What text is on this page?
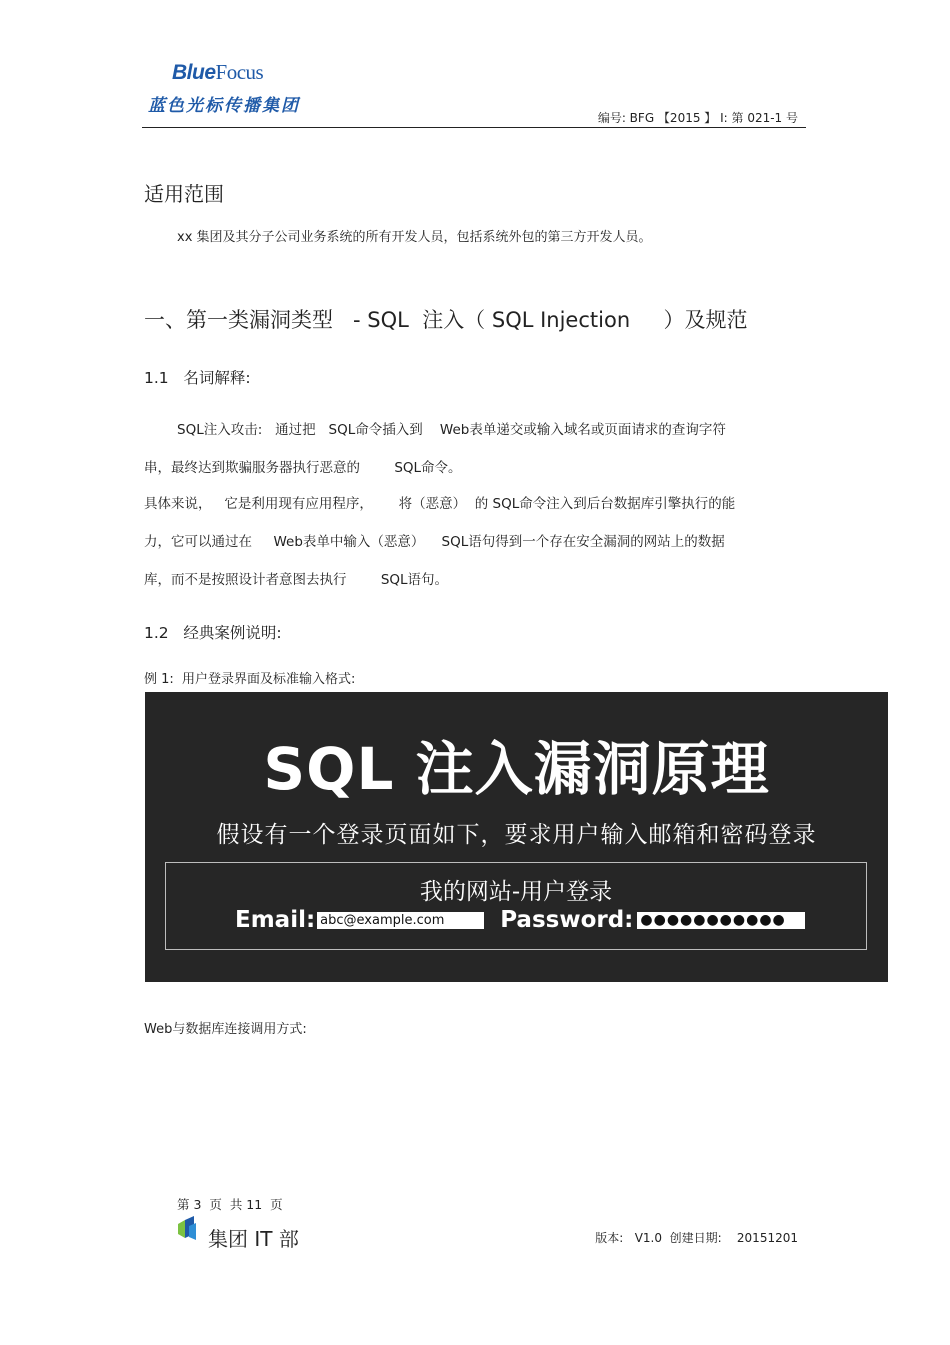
BlueFocus
蓝色光标传播集团
编号: BFG 【2015 】 I: 第 021-1 号
适用范围
xx 集团及其分子公司业务系统的所有开发人员，包括系统外包的第三方开发人员。
一、第一类漏洞类型   - SQL  注入（ SQL Injection     ）及规范
1.1   名词解释:
SQL注入攻击:   通过把   SQL命令插入到    Web表单递交或输入域名或页面请求的查询字符
串，最终达到欺骗服务器执行恶意的        SQL命令。
具体来说，   它是利用现有应用程序，      将（恶意）  的 SQL命令注入到后台数据库引擎执行的能
力，它可以通过在     Web表单中输入（恶意）    SQL语句得到一个存在安全漏洞的网站上的数据
库，而不是按照设计者意图去执行        SQL语句。
1.2   经典案例说明:
例 1:  用户登录界面及标准输入格式:
SQL 注入漏洞原理
假设有一个登录页面如下，要求用户输入邮箱和密码登录
我的网站-用户登录
Email: abc@example.com Password: ●●●●●●●●●●●
Web与数据库连接调用方式:
第 3  页  共 11  页
集团 IT 部	版本:   V1.0  创建日期:    20151201
